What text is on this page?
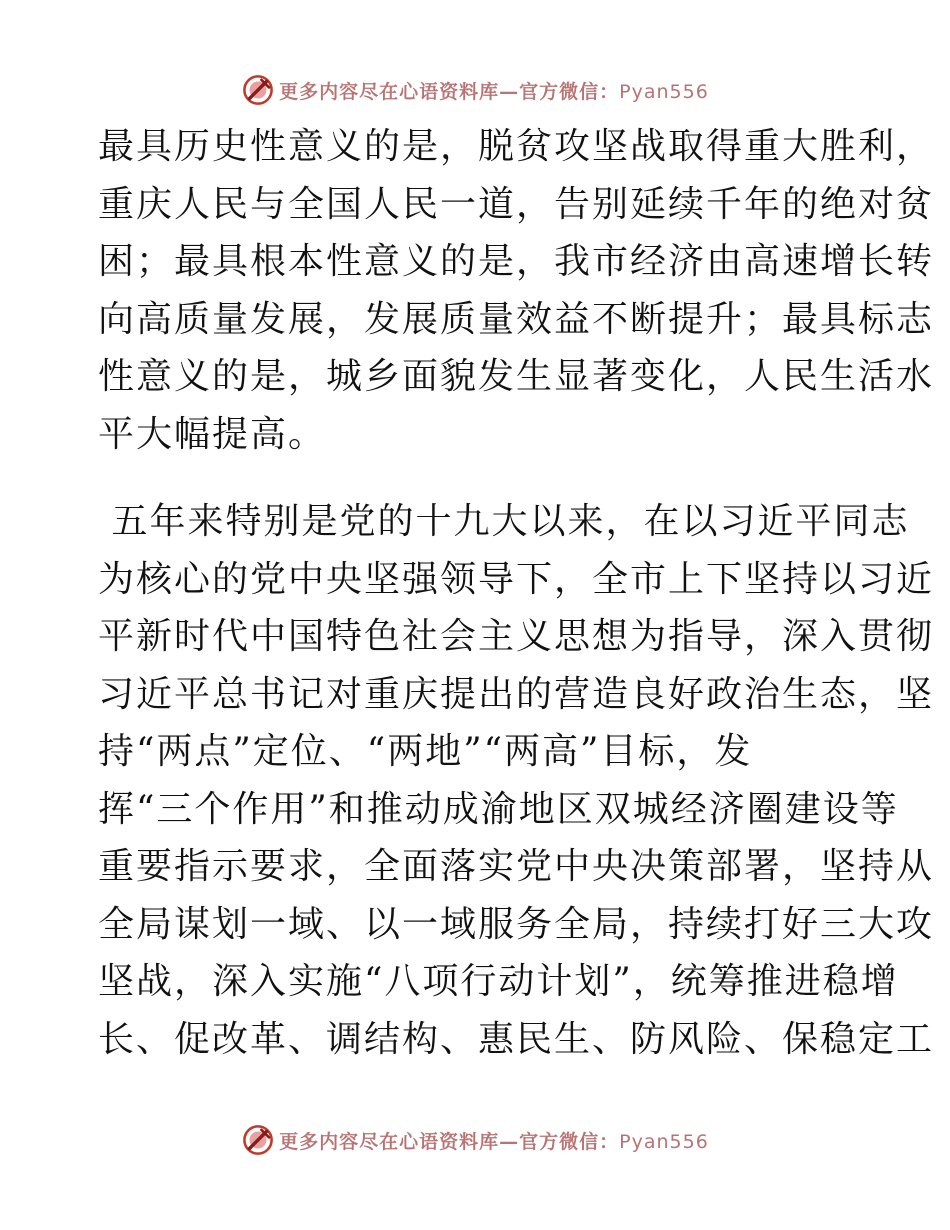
更多内容尽在心语资料库—官方微信：Pyan556
最具历史性意义的是，脱贫攻坚战取得重大胜利，
重庆人民与全国人民一道，告别延续千年的绝对贫
困；最具根本性意义的是，我市经济由高速增长转
向高质量发展，发展质量效益不断提升；最具标志
性意义的是，城乡面貌发生显著变化，人民生活水
平大幅提高。
五年来特别是党的十九大以来，在以习近平同志
为核心的党中央坚强领导下，全市上下坚持以习近
平新时代中国特色社会主义思想为指导，深入贯彻
习近平总书记对重庆提出的营造良好政治生态，坚
持“两点”定位、“两地”“两高”目标，发
挥“三个作用”和推动成渝地区双城经济圈建设等
重要指示要求，全面落实党中央决策部署，坚持从
全局谋划一域、以一域服务全局，持续打好三大攻
坚战，深入实施“八项行动计划”，统筹推进稳增
长、促改革、调结构、惠民生、防风险、保稳定工
更多内容尽在心语资料库—官方微信：Pyan556
